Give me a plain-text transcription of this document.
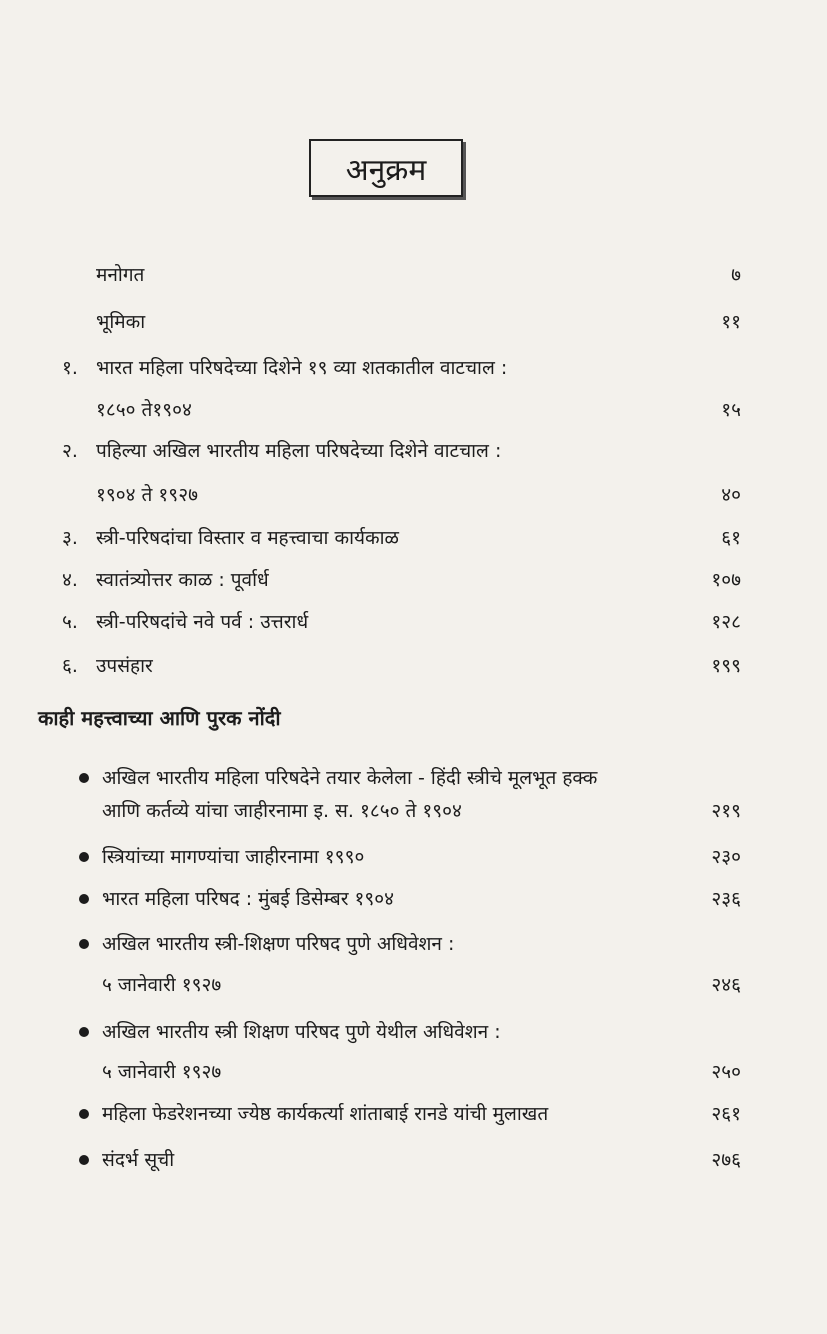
अनुक्रम
मनोगत	७
भूमिका	११
१. भारत महिला परिषदेच्या दिशेने १९ व्या शतकातील वाटचाल :
१८५० ते१९०४	१५
२. पहिल्या अखिल भारतीय महिला परिषदेच्या दिशेने वाटचाल :
१९०४ ते १९२७	४०
३. स्त्री-परिषदांचा विस्तार व महत्त्वाचा कार्यकाळ	६१
४. स्वातंत्र्योत्तर काळ : पूर्वार्ध	१०७
५. स्त्री-परिषदांचे नवे पर्व : उत्तरार्ध	१२८
६. उपसंहार	१९९
काही महत्त्वाच्या आणि पुरक नोंदी
अखिल भारतीय महिला परिषदेने तयार केलेला - हिंदी स्त्रीचे मूलभूत हक्क
आणि कर्तव्ये यांचा जाहीरनामा इ. स. १८५० ते १९०४	२१९
स्त्रियांच्या मागण्यांचा जाहीरनामा १९९०	२३०
भारत महिला परिषद : मुंबई डिसेम्बर १९०४	२३६
अखिल भारतीय स्त्री-शिक्षण परिषद पुणे अधिवेशन :
५ जानेवारी १९२७	२४६
अखिल भारतीय स्त्री शिक्षण परिषद पुणे येथील अधिवेशन :
५ जानेवारी १९२७	२५०
महिला फेडरेशनच्या ज्येष्ठ कार्यकर्त्या शांताबाई रानडे यांची मुलाखत	२६१
संदर्भ सूची	२७६
